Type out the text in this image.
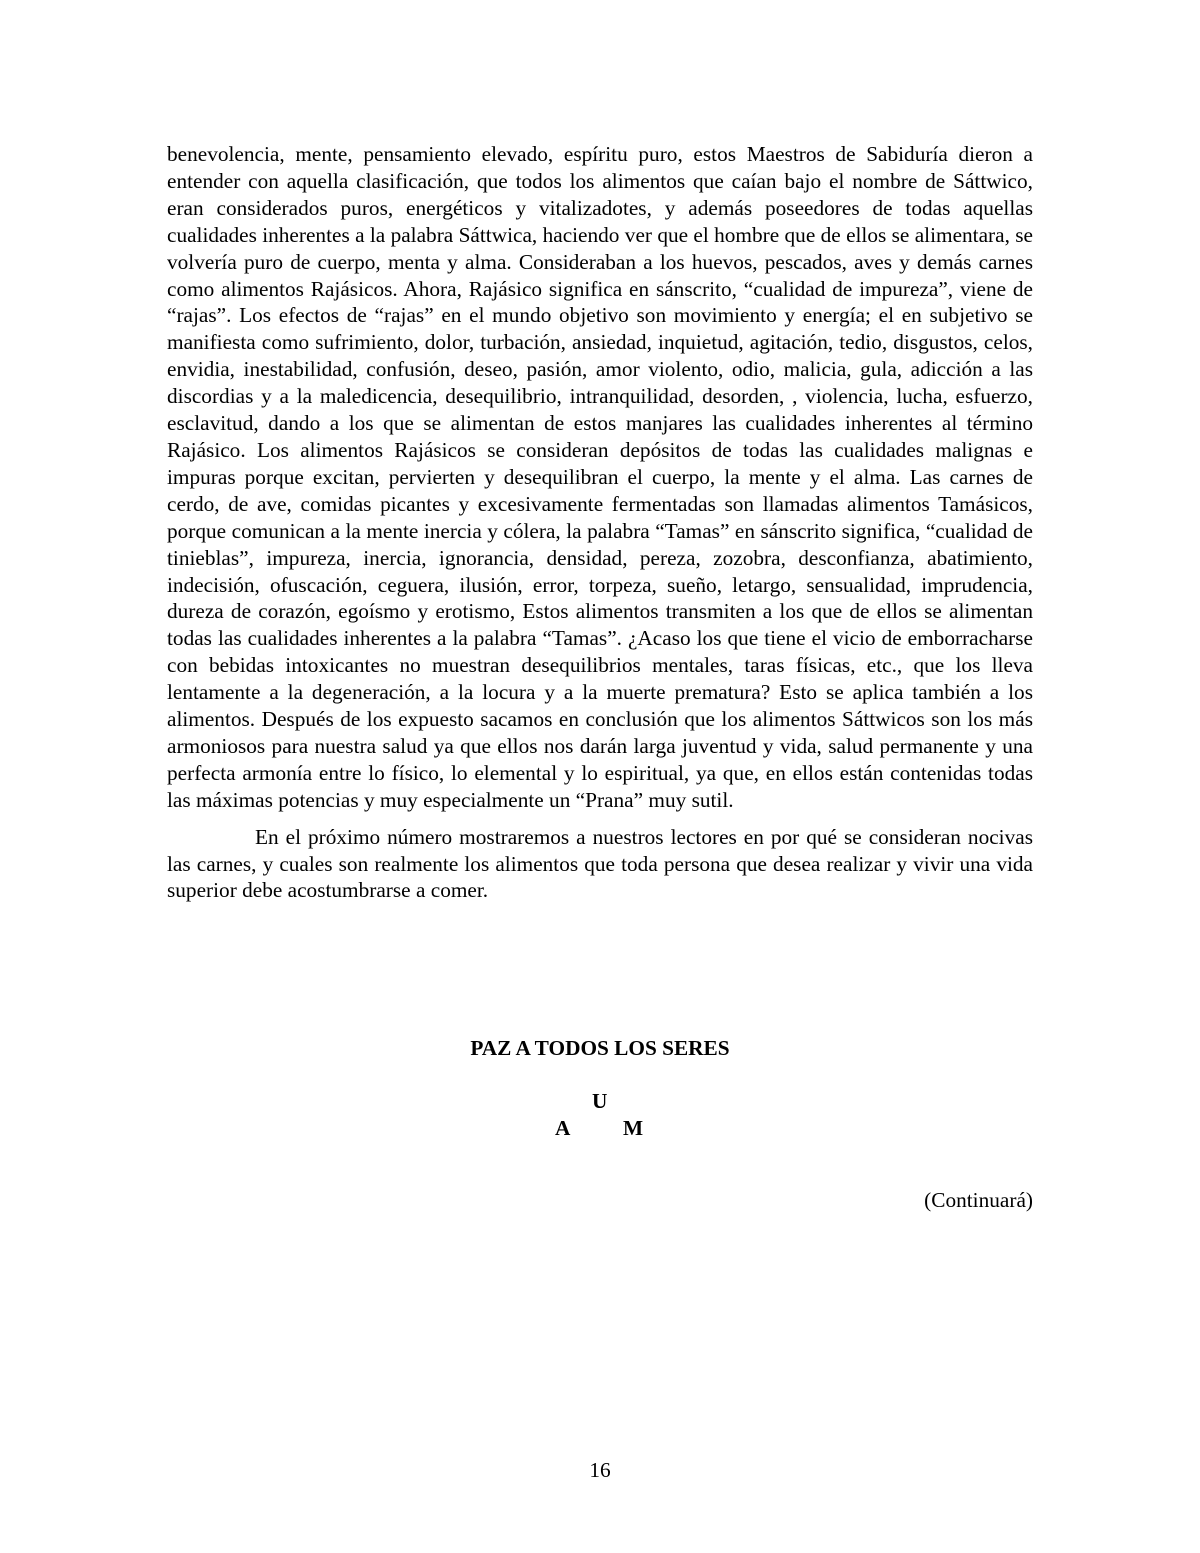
benevolencia, mente, pensamiento elevado, espíritu puro, estos Maestros de Sabiduría dieron a entender con aquella clasificación, que todos los alimentos que caían bajo el nombre de Sáttwico, eran considerados puros, energéticos y vitalizadotes, y además poseedores de todas aquellas cualidades inherentes a la palabra Sáttwica, haciendo ver que el hombre que de ellos se alimentara, se volvería puro de cuerpo, menta y alma. Consideraban a los huevos, pescados, aves y demás carnes como alimentos Rajásicos. Ahora, Rajásico significa en sánscrito, “cualidad de impureza”, viene de “rajas”. Los efectos de “rajas” en el mundo objetivo son movimiento y energía; el en subjetivo se manifiesta como sufrimiento, dolor, turbación, ansiedad, inquietud, agitación, tedio, disgustos, celos, envidia, inestabilidad, confusión, deseo, pasión, amor violento, odio, malicia, gula, adicción a las discordias y a la maledicencia, desequilibrio, intranquilidad, desorden, , violencia, lucha, esfuerzo, esclavitud, dando a los que se alimentan de estos manjares las cualidades inherentes al término Rajásico. Los alimentos Rajásicos se consideran depósitos de todas las cualidades malignas e impuras porque excitan, pervierten y desequilibran el cuerpo, la mente y el alma. Las carnes de cerdo, de ave, comidas picantes y excesivamente fermentadas son llamadas alimentos Tamásicos, porque comunican a la mente inercia y cólera, la palabra “Tamas” en sánscrito significa, “cualidad de tinieblas”, impureza, inercia, ignorancia, densidad, pereza, zozobra, desconfianza, abatimiento, indecisión, ofuscación, ceguera, ilusión, error, torpeza, sueño, letargo, sensualidad, imprudencia, dureza de corazón, egoísmo y erotismo, Estos alimentos transmiten a los que de ellos se alimentan todas las cualidades inherentes a la palabra “Tamas”. ¿Acaso los que tiene el vicio de emborracharse con bebidas intoxicantes no muestran desequilibrios mentales, taras físicas, etc., que los lleva lentamente a la degeneración, a la locura y a la muerte prematura? Esto se aplica también a los alimentos. Después de los expuesto sacamos en conclusión que los alimentos Sáttwicos son los más armoniosos para nuestra salud ya que ellos nos darán larga juventud y vida, salud permanente y una perfecta armonía entre lo físico, lo elemental y lo espiritual, ya que, en ellos están contenidas todas las máximas potencias y muy especialmente un “Prana” muy sutil.

En el próximo número mostraremos a nuestros lectores en por qué se consideran nocivas las carnes, y cuales son realmente los alimentos que toda persona que desea realizar y vivir una vida superior debe acostumbrarse a comer.

PAZ A TODOS LOS SERES
U
A M
(Continuará)
16
